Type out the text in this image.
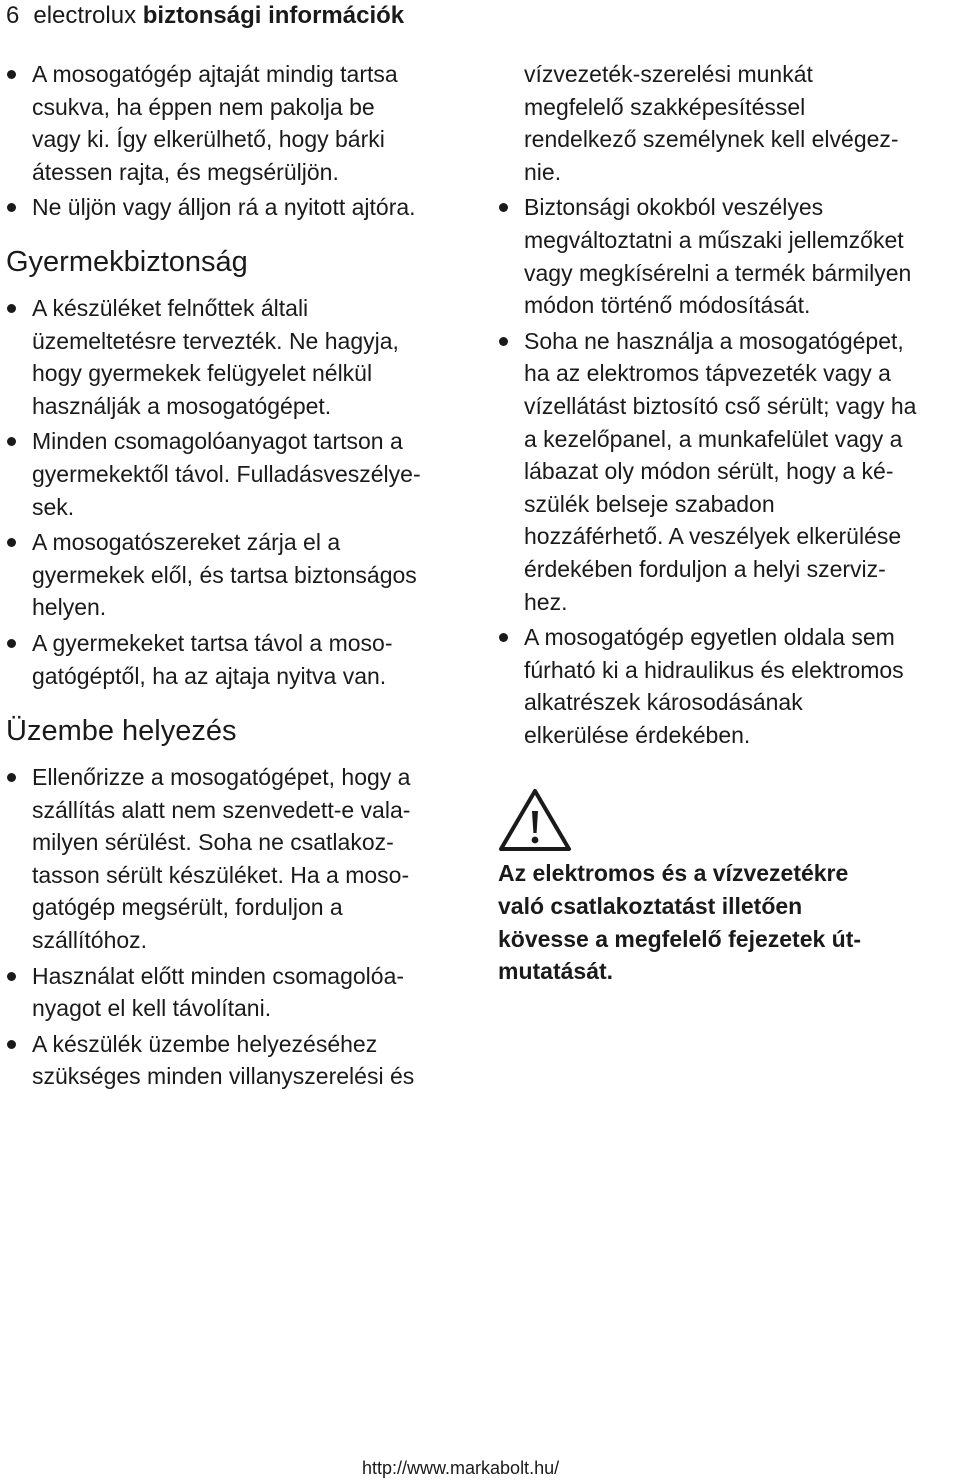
6 electrolux biztonsági információk
A mosogatógép ajtaját mindig tartsa
csukva, ha éppen nem pakolja be
vagy ki. Így elkerülhető, hogy bárki
átessen rajta, és megsérüljön.
Ne üljön vagy álljon rá a nyitott ajtóra.
Gyermekbiztonság
A készüléket felnőttek általi
üzemeltetésre tervezték. Ne hagyja,
hogy gyermekek felügyelet nélkül
használják a mosogatógépet.
Minden csomagolóanyagot tartson a
gyermekektől távol. Fulladásveszélye-
sek.
A mosogatószereket zárja el a
gyermekek elől, és tartsa biztonságos
helyen.
A gyermekeket tartsa távol a moso-
gatógéptől, ha az ajtaja nyitva van.
Üzembe helyezés
Ellenőrizze a mosogatógépet, hogy a
szállítás alatt nem szenvedett-e vala-
milyen sérülést. Soha ne csatlakoz-
tasson sérült készüléket. Ha a moso-
gatógép megsérült, forduljon a
szállítóhoz.
Használat előtt minden csomagolóa-
nyagot el kell távolítani.
A készülék üzembe helyezéséhez
szükséges minden villanyszerelési és
vízvezeték-szerelési munkát
megfelelő szakképesítéssel
rendelkező személynek kell elvégez-
nie.
Biztonsági okokból veszélyes
megváltoztatni a műszaki jellemzőket
vagy megkísérelni a termék bármilyen
módon történő módosítását.
Soha ne használja a mosogatógépet,
ha az elektromos tápvezeték vagy a
vízellátást biztosító cső sérült; vagy ha
a kezelőpanel, a munkafelület vagy a
lábazat oly módon sérült, hogy a ké-
szülék belseje szabadon
hozzáférhető. A veszélyek elkerülése
érdekében forduljon a helyi szerviz-
hez.
A mosogatógép egyetlen oldala sem
fúrható ki a hidraulikus és elektromos
alkatrészek károsodásának
elkerülése érdekében.
Az elektromos és a vízvezetékre
való csatlakoztatást illetően
kövesse a megfelelő fejezetek út-
mutatását.
http://www.markabolt.hu/
